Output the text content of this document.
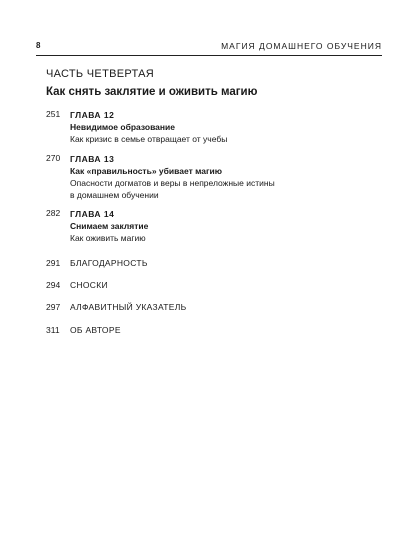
8	МАГИЯ ДОМАШНЕГО ОБУЧЕНИЯ
ЧАСТЬ ЧЕТВЕРТАЯ
Как снять заклятие и оживить магию
251 ГЛАВА 12
Невидимое образование
Как кризис в семье отвращает от учебы
270 ГЛАВА 13
Как «правильность» убивает магию
Опасности догматов и веры в непреложные истины
в домашнем обучении
282 ГЛАВА 14
Снимаем заклятие
Как оживить магию
291 БЛАГОДАРНОСТЬ
294 СНОСКИ
297 АЛФАВИТНЫЙ УКАЗАТЕЛЬ
311 ОБ АВТОРЕ
